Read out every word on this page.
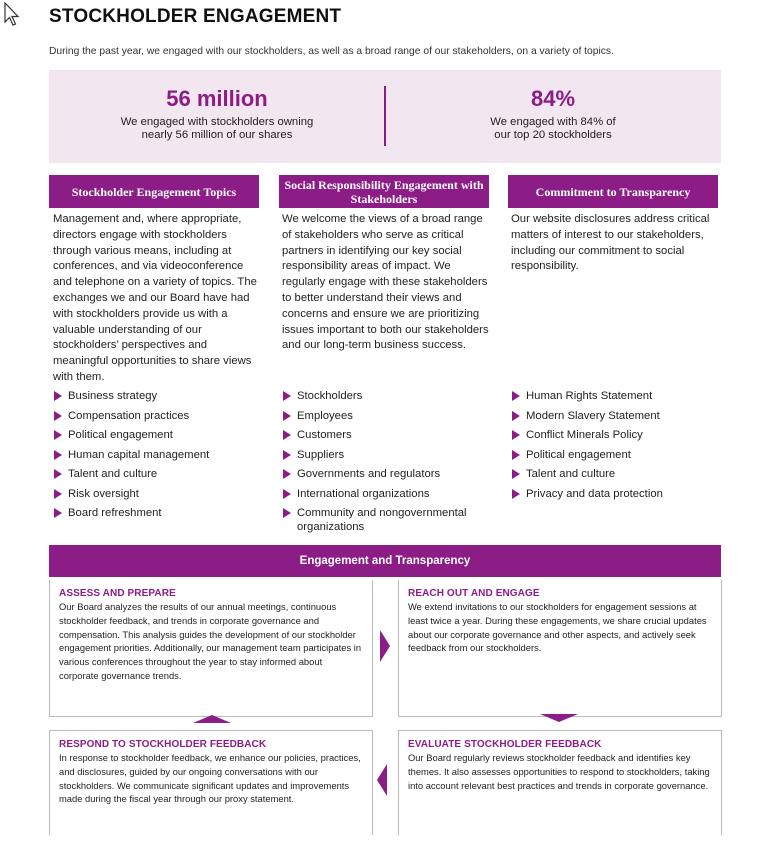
STOCKHOLDER ENGAGEMENT
During the past year, we engaged with our stockholders, as well as a broad range of our stakeholders, on a variety of topics.
56 million
We engaged with stockholders owning
nearly 56 million of our shares
84%
We engaged with 84% of
our top 20 stockholders
Stockholder Engagement Topics
Management and, where appropriate, directors engage with stockholders through various means, including at conferences, and via videoconference and telephone on a variety of topics. The exchanges we and our Board have had with stockholders provide us with a valuable understanding of our stockholders’ perspectives and meaningful opportunities to share views with them.
Business strategy
Compensation practices
Political engagement
Human capital management
Talent and culture
Risk oversight
Board refreshment
Social Responsibility Engagement with Stakeholders
We welcome the views of a broad range of stakeholders who serve as critical partners in identifying our key social responsibility areas of impact. We regularly engage with these stakeholders to better understand their views and concerns and ensure we are prioritizing issues important to both our stakeholders and our long-term business success.
Stockholders
Employees
Customers
Suppliers
Governments and regulators
International organizations
Community and nongovernmental organizations
Commitment to Transparency
Our website disclosures address critical matters of interest to our stakeholders, including our commitment to social responsibility.
Human Rights Statement
Modern Slavery Statement
Conflict Minerals Policy
Political engagement
Talent and culture
Privacy and data protection
Engagement and Transparency
ASSESS AND PREPARE

Our Board analyzes the results of our annual meetings, continuous stockholder feedback, and trends in corporate governance and compensation. This analysis guides the development of our stockholder engagement priorities. Additionally, our management team participates in various conferences throughout the year to stay informed about corporate governance trends.

REACH OUT AND ENGAGE

We extend invitations to our stockholders for engagement sessions at least twice a year. During these engagements, we share crucial updates about our corporate governance and other aspects, and actively seek feedback from our stockholders.

RESPOND TO STOCKHOLDER FEEDBACK

In response to stockholder feedback, we enhance our policies, practices, and disclosures, guided by our ongoing conversations with our stockholders. We communicate significant updates and improvements made during the fiscal year through our proxy statement.

EVALUATE STOCKHOLDER FEEDBACK

Our Board regularly reviews stockholder feedback and identifies key themes. It also assesses opportunities to respond to stockholders, taking into account relevant best practices and trends in corporate governance.
